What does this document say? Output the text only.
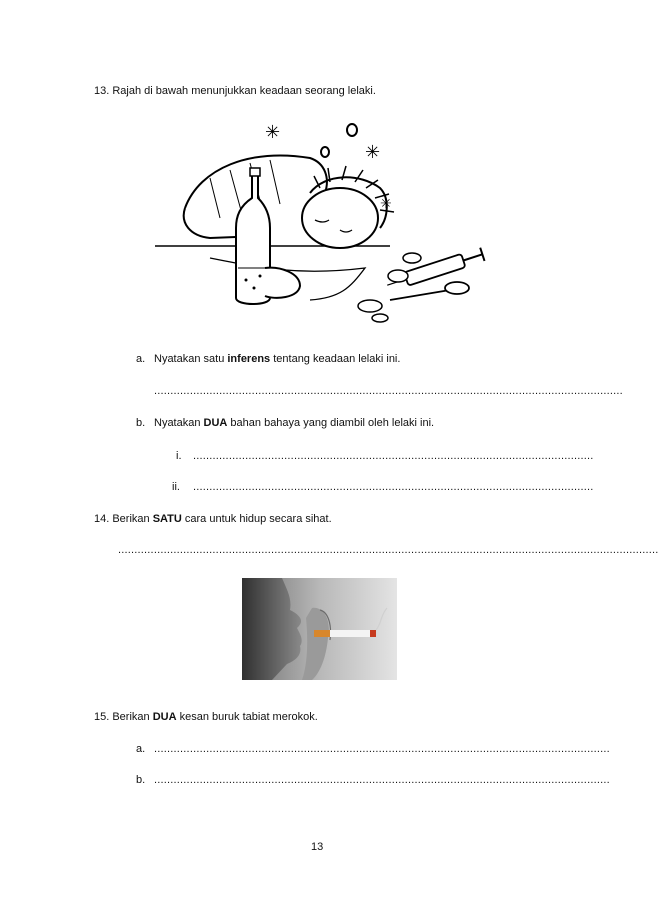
13. Rajah di bawah menunjukkan keadaan seorang lelaki.
✳
✳
✳
a. Nyatakan satu inferens tentang keadaan lelaki ini.
................................................................................................................................................
b. Nyatakan DUA bahan bahaya yang diambil oleh lelaki ini.
i. ...........................................................................................................................
ii. ...........................................................................................................................
14. Berikan SATU cara untuk hidup secara sihat.
......................................................................................................................................................................
15. Berikan DUA kesan buruk tabiat merokok.
a. ............................................................................................................................................
b. ............................................................................................................................................
13
